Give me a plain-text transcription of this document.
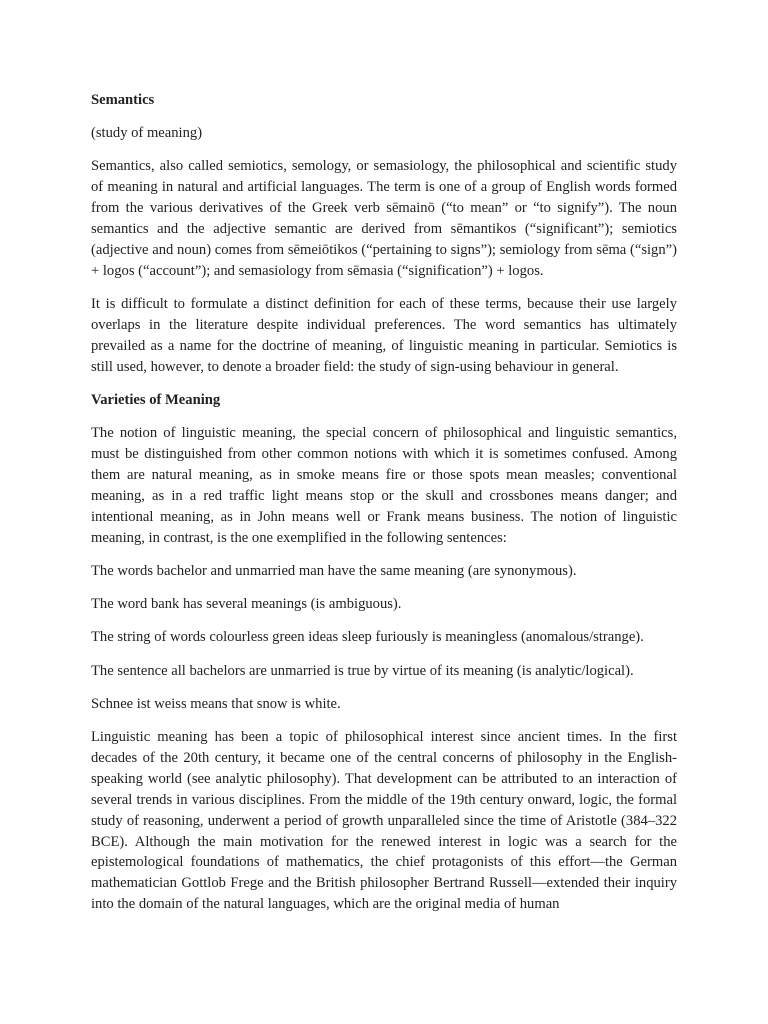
Semantics

(study of meaning)

Semantics, also called semiotics, semology, or semasiology, the philosophical and scientific study of meaning in natural and artificial languages. The term is one of a group of English words formed from the various derivatives of the Greek verb sēmainō (“to mean” or “to signify”). The noun semantics and the adjective semantic are derived from sēmantikos (“significant”); semiotics (adjective and noun) comes from sēmeiōtikos (“pertaining to signs”); semiology from sēma (“sign”) + logos (“account”); and semasiology from sēmasia (“signification”) + logos.

It is difficult to formulate a distinct definition for each of these terms, because their use largely overlaps in the literature despite individual preferences. The word semantics has ultimately prevailed as a name for the doctrine of meaning, of linguistic meaning in particular. Semiotics is still used, however, to denote a broader field: the study of sign-using behaviour in general.

Varieties of Meaning

The notion of linguistic meaning, the special concern of philosophical and linguistic semantics, must be distinguished from other common notions with which it is sometimes confused. Among them are natural meaning, as in smoke means fire or those spots mean measles; conventional meaning, as in a red traffic light means stop or the skull and crossbones means danger; and intentional meaning, as in John means well or Frank means business. The notion of linguistic meaning, in contrast, is the one exemplified in the following sentences:

The words bachelor and unmarried man have the same meaning (are synonymous).

The word bank has several meanings (is ambiguous).

The string of words colourless green ideas sleep furiously is meaningless (anomalous/strange).

The sentence all bachelors are unmarried is true by virtue of its meaning (is analytic/logical).

Schnee ist weiss means that snow is white.

Linguistic meaning has been a topic of philosophical interest since ancient times. In the first decades of the 20th century, it became one of the central concerns of philosophy in the English-speaking world (see analytic philosophy). That development can be attributed to an interaction of several trends in various disciplines. From the middle of the 19th century onward, logic, the formal study of reasoning, underwent a period of growth unparalleled since the time of Aristotle (384–322 BCE). Although the main motivation for the renewed interest in logic was a search for the epistemological foundations of mathematics, the chief protagonists of this effort—the German mathematician Gottlob Frege and the British philosopher Bertrand Russell—extended their inquiry into the domain of the natural languages, which are the original media of human
